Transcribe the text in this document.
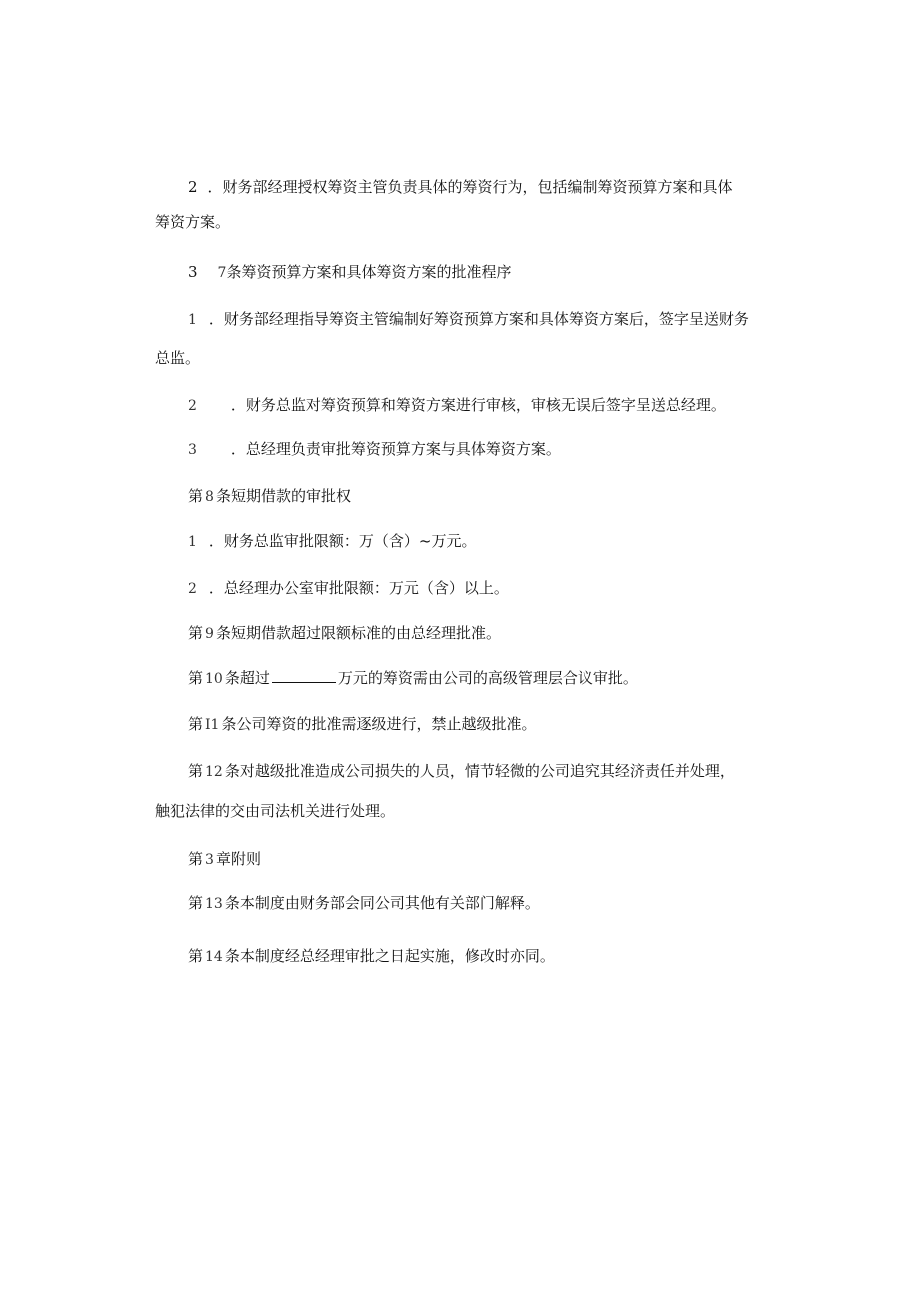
2 ．财务部经理授权筹资主管负责具体的筹资行为，包括编制筹资预算方案和具体
筹资方案。
3 7条筹资预算方案和具体筹资方案的批准程序
1 ．财务部经理指导筹资主管编制好筹资预算方案和具体筹资方案后，签字呈送财务
总监。
2 ．财务总监对筹资预算和筹资方案进行审核，审核无误后签字呈送总经理。
3 ．总经理负责审批筹资预算方案与具体筹资方案。
第 8 条短期借款的审批权
1 ．财务总监审批限额：万（含）~万元。
2 ．总经理办公室审批限额：万元（含）以上。
第 9 条短期借款超过限额标准的由总经理批准。
第 10 条超过	万元的筹资需由公司的高级管理层合议审批。
第 I1 条公司筹资的批准需逐级进行，禁止越级批准。
第 12 条对越级批准造成公司损失的人员，情节轻微的公司追究其经济责任并处理，
触犯法律的交由司法机关进行处理。
第 3 章附则
第 13 条本制度由财务部会同公司其他有关部门解释。
第 14 条本制度经总经理审批之日起实施，修改时亦同。
